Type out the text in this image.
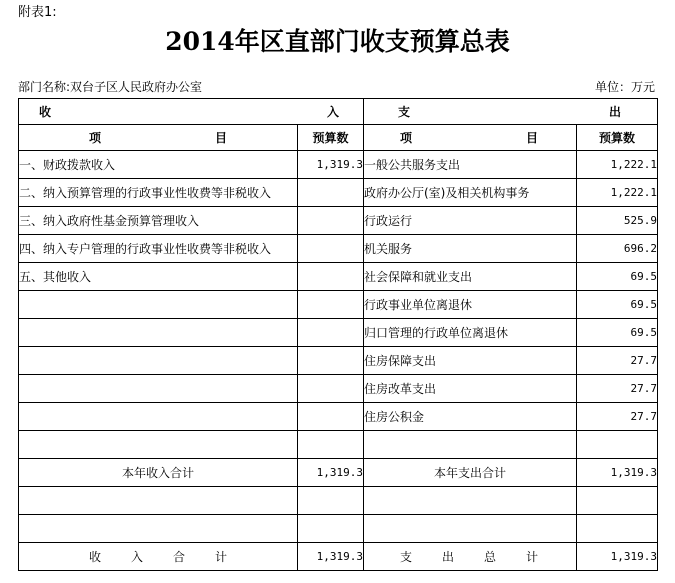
附表1:
2014年区直部门收支预算总表
部门名称:双台子区人民政府办公室	单位：万元
收 入		支 出	

项 目	预算数	项 目	预算数
一、财政拨款收入	1,319.3	一般公共服务支出	1,222.1
二、纳入预算管理的行政事业性收费等非税收入		政府办公厅(室)及相关机构事务	1,222.1
三、纳入政府性基金预算管理收入		行政运行	525.9
四、纳入专户管理的行政事业性收费等非税收入		机关服务	696.2
五、其他收入		社会保障和就业支出	69.5
		行政事业单位离退休	69.5
		归口管理的行政单位离退休	69.5
		住房保障支出	27.7
		住房改革支出	27.7
		住房公积金	27.7

本年收入合计	1,319.3	本年支出合计	1,319.3

收 入 合 计	1,319.3	支 出 总 计	1,319.3
